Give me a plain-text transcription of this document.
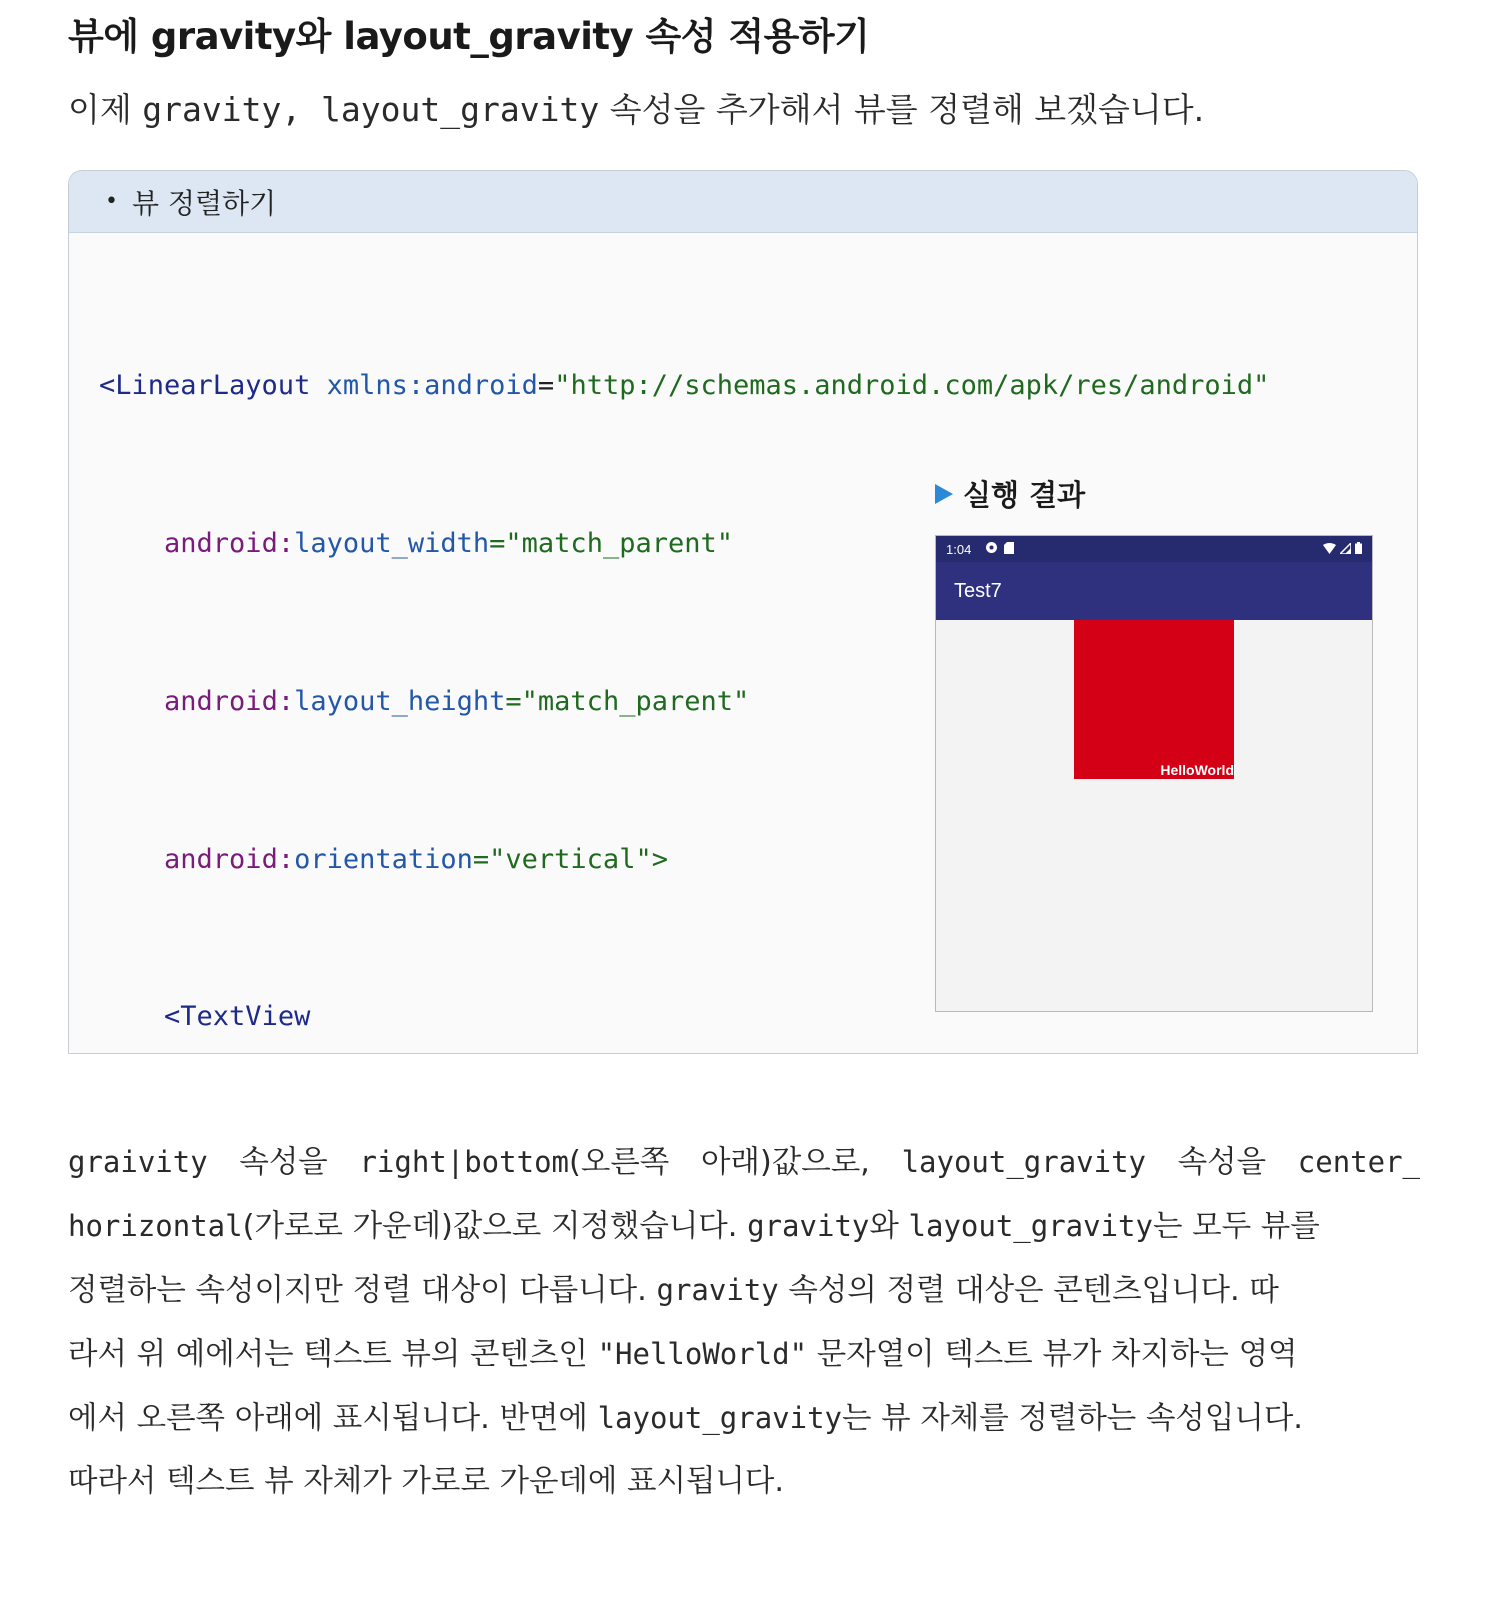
뷰에 gravity와 layout_gravity 속성 적용하기
이제 gravity, layout_gravity 속성을 추가해서 뷰를 정렬해 보겠습니다.
• 뷰 정렬하기

<LinearLayout xmlns:android="http://schemas.android.com/apk/res/android"

android:layout_width="match_parent"

android:layout_height="match_parent"

android:orientation="vertical">

<TextView

실행 결과
1:04
Test7
HelloWorld
graivity 속성을 right|bottom(오른쪽 아래)값으로, layout_gravity 속성을 center_
horizontal(가로로 가운데)값으로 지정했습니다. gravity와 layout_gravity는 모두 뷰를
정렬하는 속성이지만 정렬 대상이 다릅니다. gravity 속성의 정렬 대상은 콘텐츠입니다. 따
라서 위 예에서는 텍스트 뷰의 콘텐츠인 "HelloWorld" 문자열이 텍스트 뷰가 차지하는 영역
에서 오른쪽 아래에 표시됩니다. 반면에 layout_gravity는 뷰 자체를 정렬하는 속성입니다.
따라서 텍스트 뷰 자체가 가로로 가운데에 표시됩니다.
